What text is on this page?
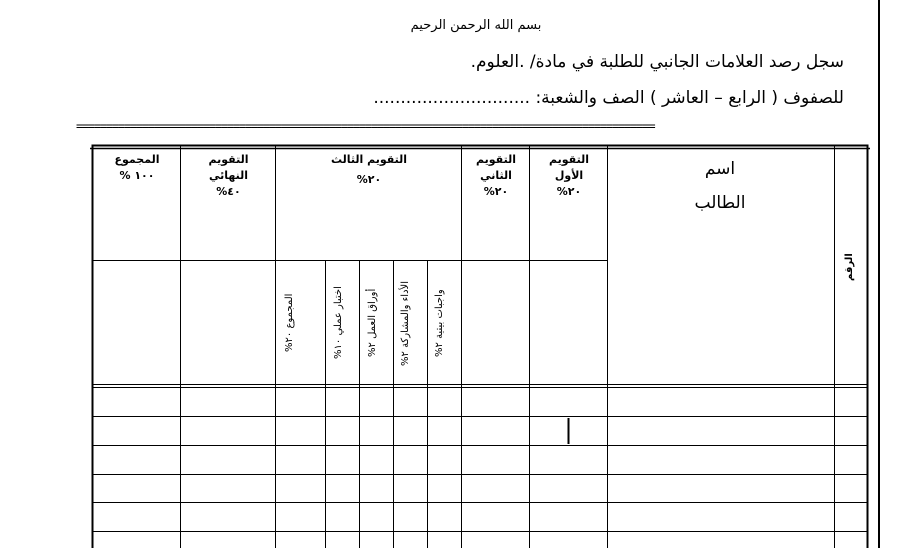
بسم الله الرحمن الرحيم
سجل رصد العلامات الجانبي للطلبة في مادة/ .العلوم.
للصفوف ( الرابع – العاشر ) الصف والشعبة: .............................
================================================================================================
التقويم الأول ٢٠%
التقويم الثاني ٢٠%
التقويم الثالث
٢٠%
التقويم النهائي ٤٠%
المجموع ١٠٠ %	اسم الطالب
الرقم
واجبات بيتية ٢%
الأداء والمشاركة ٢%
أوراق العمل ٢%
اختبار عملي ١٠%
المجموع ٢٠%
